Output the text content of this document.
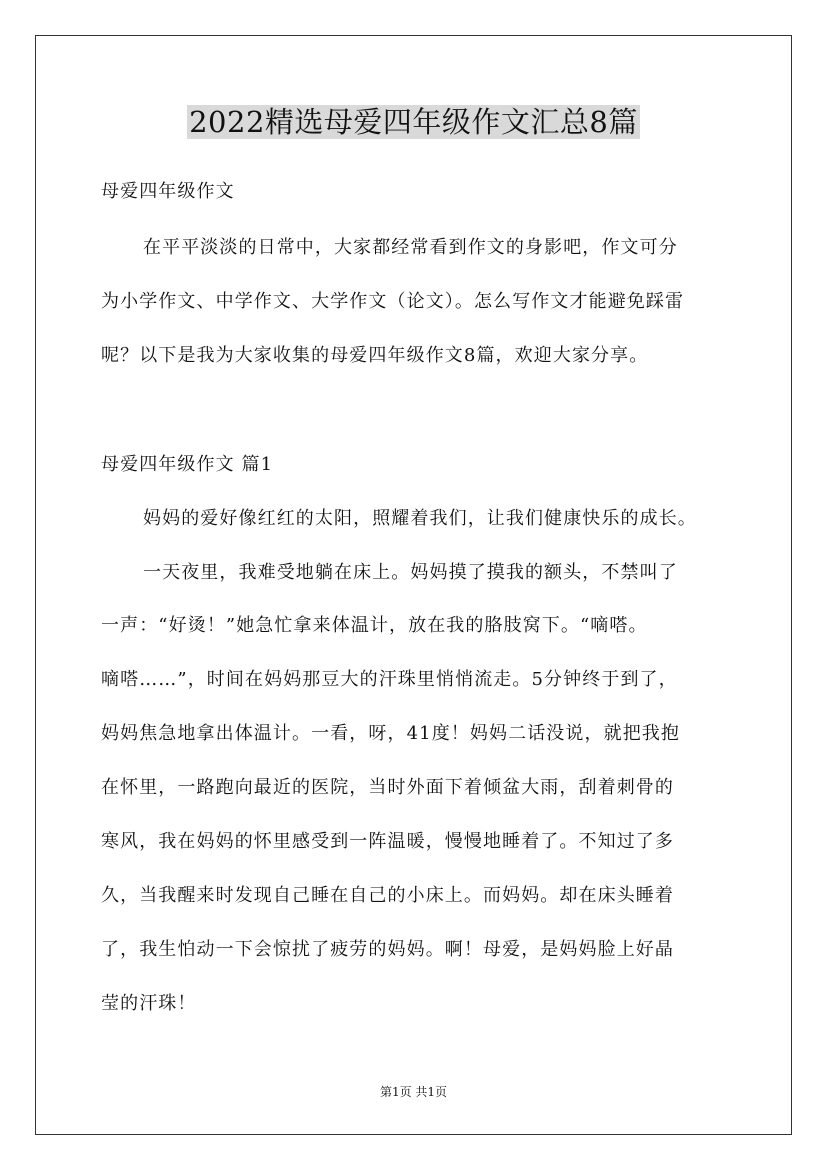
2022精选母爱四年级作文汇总8篇
母爱四年级作文
在平平淡淡的日常中，大家都经常看到作文的身影吧，作文可分
为小学作文、中学作文、大学作文（论文）。怎么写作文才能避免踩雷
呢？以下是我为大家收集的母爱四年级作文8篇，欢迎大家分享。
母爱四年级作文 篇1
妈妈的爱好像红红的太阳，照耀着我们，让我们健康快乐的成长。
一天夜里，我难受地躺在床上。妈妈摸了摸我的额头，不禁叫了
一声：“好烫！”她急忙拿来体温计，放在我的胳肢窝下。“嘀嗒。
嘀嗒……”，时间在妈妈那豆大的汗珠里悄悄流走。5分钟终于到了，
妈妈焦急地拿出体温计。一看，呀，41度！妈妈二话没说，就把我抱
在怀里，一路跑向最近的医院，当时外面下着倾盆大雨，刮着刺骨的
寒风，我在妈妈的怀里感受到一阵温暖，慢慢地睡着了。不知过了多
久，当我醒来时发现自己睡在自己的小床上。而妈妈。却在床头睡着
了，我生怕动一下会惊扰了疲劳的妈妈。啊！母爱，是妈妈脸上好晶
莹的汗珠！
第1页 共1页
